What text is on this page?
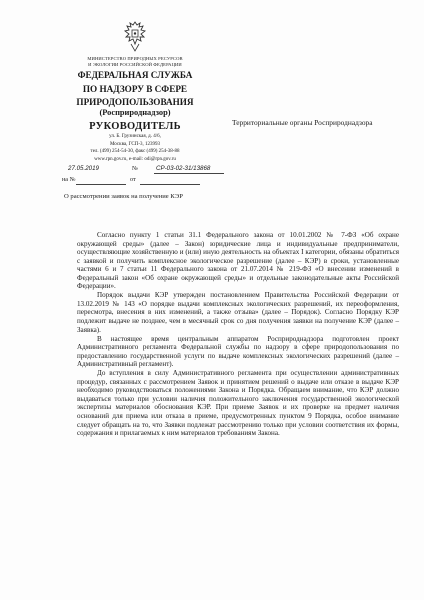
МИНИСТЕРСТВО ПРИРОДНЫХ РЕСУРСОВ
И ЭКОЛОГИИ РОССИЙСКОЙ ФЕДЕРАЦИИ
ФЕДЕРАЛЬНАЯ СЛУЖБА
ПО НАДЗОРУ В СФЕРЕ
ПРИРОДОПОЛЬЗОВАНИЯ
(Росприроднадзор)
РУКОВОДИТЕЛЬ
ул. Б. Грузинская, д. 4/6,
Москва, ГСП-3, 123993
тел. (499) 254-54-30, факс (499) 254-38-88
www.rpn.gov.ru, e-mail: odi@rpn.gov.ru
27.05.2019	№	СР-03-02-31/13868
на №	от
Территориальные органы Росприроднадзора
О рассмотрении заявок на получение КЭР

Согласно пункту 1 статьи 31.1 Федерального закона от 10.01.2002 № 7-ФЗ «Об охране окружающей среды» (далее – Закон) юридические лица и индивидуальные предприниматели, осуществляющие хозяйственную и (или) иную деятельность на объектах I категории, обязаны обратиться с заявкой и получить комплексное экологическое разрешение (далее – КЭР) в сроки, установленные частями 6 и 7 статьи 11 Федерального закона от 21.07.2014 № 219-ФЗ «О внесении изменений в Федеральный закон «Об охране окружающей среды» и отдельные законодательные акты Российской Федерации».

Порядок выдачи КЭР утвержден постановлением Правительства Российской Федерации от 13.02.2019 № 143 «О порядке выдачи комплексных экологических разрешений, их переоформления, пересмотра, внесения в них изменений, а также отзыва» (далее – Порядок). Согласно Порядку КЭР подлежит выдаче не позднее, чем в месячный срок со дня получения заявки на получение КЭР (далее – Заявка).

В настоящее время центральным аппаратом Росприроднадзора подготовлен проект Административного регламента Федеральной службы по надзору в сфере природопользования по предоставлению государственной услуги по выдаче комплексных экологических разрешений (далее – Административный регламент).

До вступления в силу Административного регламента при осуществлении административных процедур, связанных с рассмотрением Заявок и принятием решений о выдаче или отказе в выдаче КЭР необходимо руководствоваться положениями Закона и Порядка. Обращаем внимание, что КЭР должно выдаваться только при условии наличия положительного заключения государственной экологической экспертизы материалов обоснования КЭР. При приеме Заявок и их проверке на предмет наличия оснований для приема или отказа в приеме, предусмотренных пунктом 9 Порядка, особое внимание следует обращать на то, что Заявки подлежат рассмотрению только при условии соответствия их формы, содержания и прилагаемых к ним материалов требованиям Закона.
